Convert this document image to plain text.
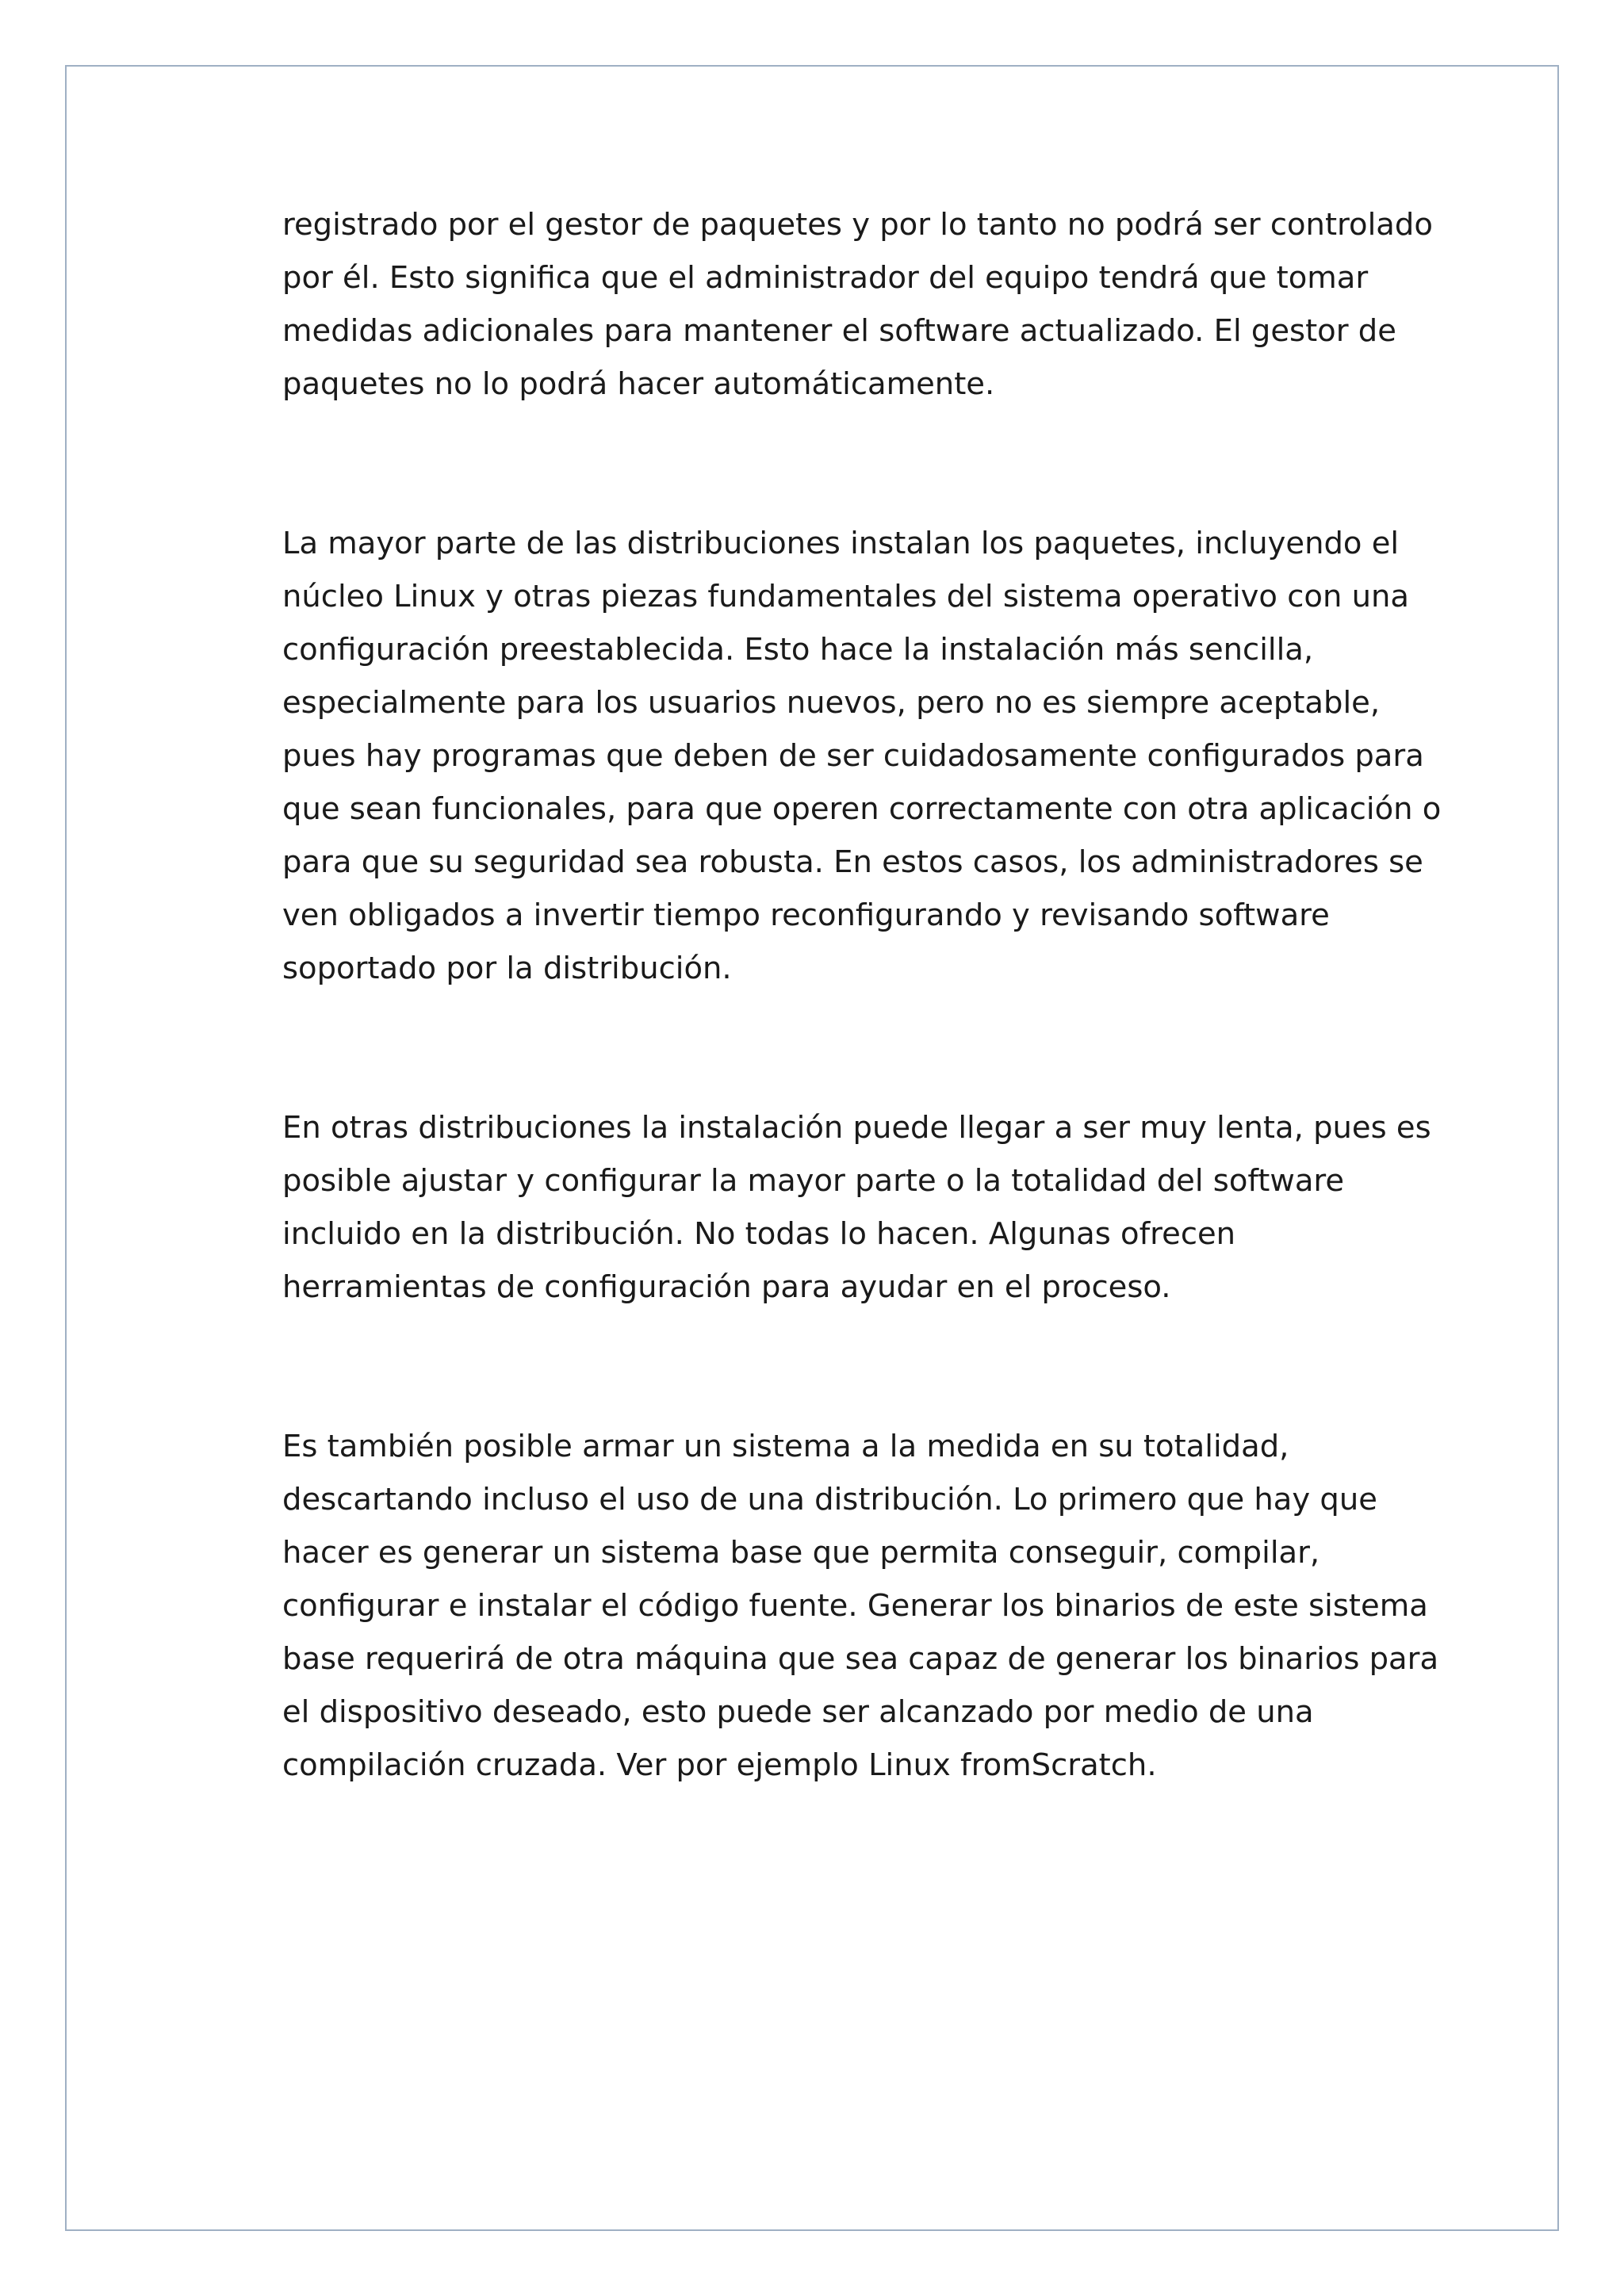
registrado por el gestor de paquetes y por lo tanto no podrá ser controlado
por él. Esto significa que el administrador del equipo tendrá que tomar
medidas adicionales para mantener el software actualizado. El gestor de
paquetes no lo podrá hacer automáticamente.

La mayor parte de las distribuciones instalan los paquetes, incluyendo el
núcleo Linux y otras piezas fundamentales del sistema operativo con una
configuración preestablecida. Esto hace la instalación más sencilla,
especialmente para los usuarios nuevos, pero no es siempre aceptable,
pues hay programas que deben de ser cuidadosamente configurados para
que sean funcionales, para que operen correctamente con otra aplicación o
para que su seguridad sea robusta. En estos casos, los administradores se
ven obligados a invertir tiempo reconfigurando y revisando software
soportado por la distribución.

En otras distribuciones la instalación puede llegar a ser muy lenta, pues es
posible ajustar y configurar la mayor parte o la totalidad del software
incluido en la distribución. No todas lo hacen. Algunas ofrecen
herramientas de configuración para ayudar en el proceso.

Es también posible armar un sistema a la medida en su totalidad,
descartando incluso el uso de una distribución. Lo primero que hay que
hacer es generar un sistema base que permita conseguir, compilar,
configurar e instalar el código fuente. Generar los binarios de este sistema
base requerirá de otra máquina que sea capaz de generar los binarios para
el dispositivo deseado, esto puede ser alcanzado por medio de una
compilación cruzada. Ver por ejemplo Linux fromScratch.
